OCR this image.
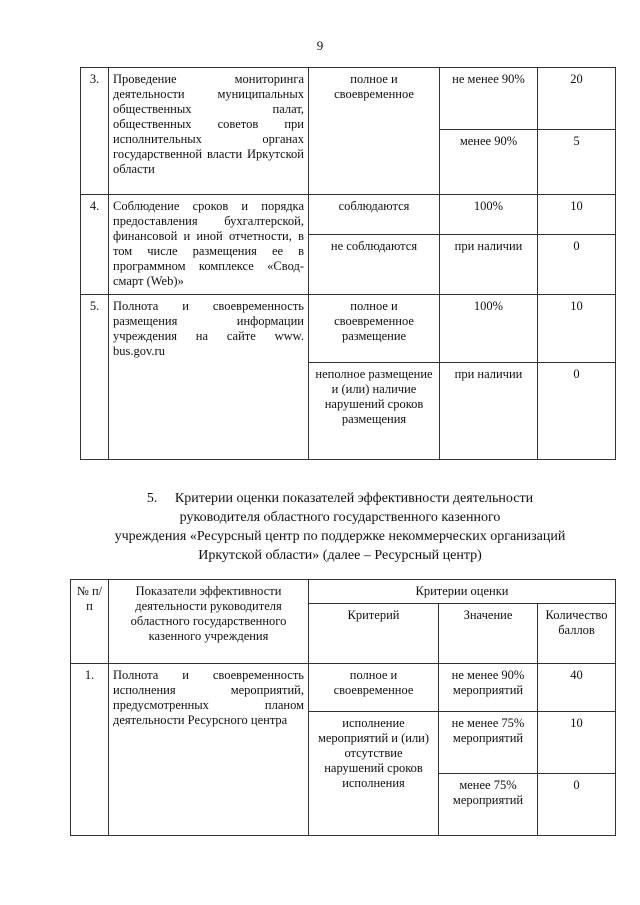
9
3.	Проведение мониторинга деятельности муниципальных общественных палат, общественных советов при исполнительных органах государственной власти Иркутской области	полное и своевременное	не менее 90%	20
			менее 90%	5
4.	Соблюдение сроков и порядка предоставления бухгалтерской, финансовой и иной отчетности, в том числе размещения ее в программном комплексе «Свод-смарт (Web)»	соблюдаются	100%	10
		не соблюдаются	при наличии	0
5.	Полнота и своевременность размещения информации учреждения на сайте www. bus.gov.ru	полное и своевременное размещение	100%	10
		неполное размещение и (или) наличие нарушений сроков размещения	при наличии	0
5.     Критерии оценки показателей эффективности деятельности
руководителя областного государственного казенного
учреждения «Ресурсный центр по поддержке некоммерческих организаций
Иркутской области» (далее – Ресурсный центр)
№ п/п	Показатели эффективности деятельности руководителя областного государственного казенного учреждения	Критерии оценки		
		Критерий	Значение	Количество баллов
1.	Полнота и своевременность исполнения мероприятий, предусмотренных планом деятельности Ресурсного центра	полное и своевременное	не менее 90% мероприятий	40
		исполнение мероприятий и (или) отсутствие нарушений сроков исполнения	не менее 75% мероприятий	10
			менее 75% мероприятий	0
